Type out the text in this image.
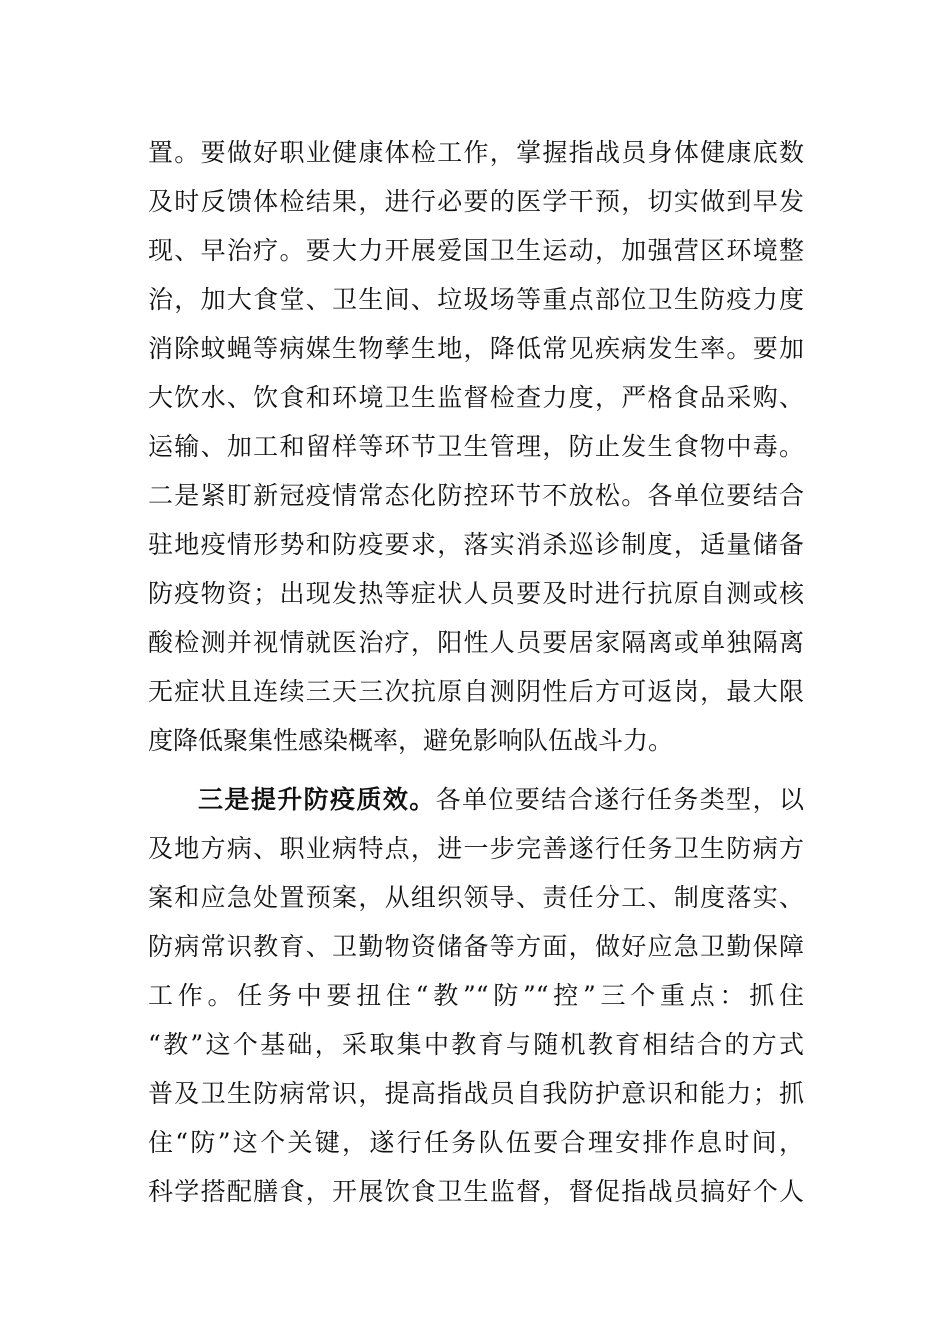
置。要做好职业健康体检工作，掌握指战员身体健康底数
及时反馈体检结果，进行必要的医学干预，切实做到早发
现、早治疗。要大力开展爱国卫生运动，加强营区环境整
治，加大食堂、卫生间、垃圾场等重点部位卫生防疫力度
消除蚊蝇等病媒生物孳生地，降低常见疾病发生率。要加
大饮水、饮食和环境卫生监督检查力度，严格食品采购、
运输、加工和留样等环节卫生管理，防止发生食物中毒。
二是紧盯新冠疫情常态化防控环节不放松。各单位要结合
驻地疫情形势和防疫要求，落实消杀巡诊制度，适量储备
防疫物资；出现发热等症状人员要及时进行抗原自测或核
酸检测并视情就医治疗，阳性人员要居家隔离或单独隔离
无症状且连续三天三次抗原自测阴性后方可返岗，最大限
度降低聚集性感染概率，避免影响队伍战斗力。
三是提升防疫质效。各单位要结合遂行任务类型，以
及地方病、职业病特点，进一步完善遂行任务卫生防病方
案和应急处置预案，从组织领导、责任分工、制度落实、
防病常识教育、卫勤物资储备等方面，做好应急卫勤保障
工作。任务中要扭住“教”“防”“控”三个重点：抓住
“教”这个基础，采取集中教育与随机教育相结合的方式
普及卫生防病常识，提高指战员自我防护意识和能力；抓
住“防”这个关键，遂行任务队伍要合理安排作息时间，
科学搭配膳食，开展饮食卫生监督，督促指战员搞好个人
